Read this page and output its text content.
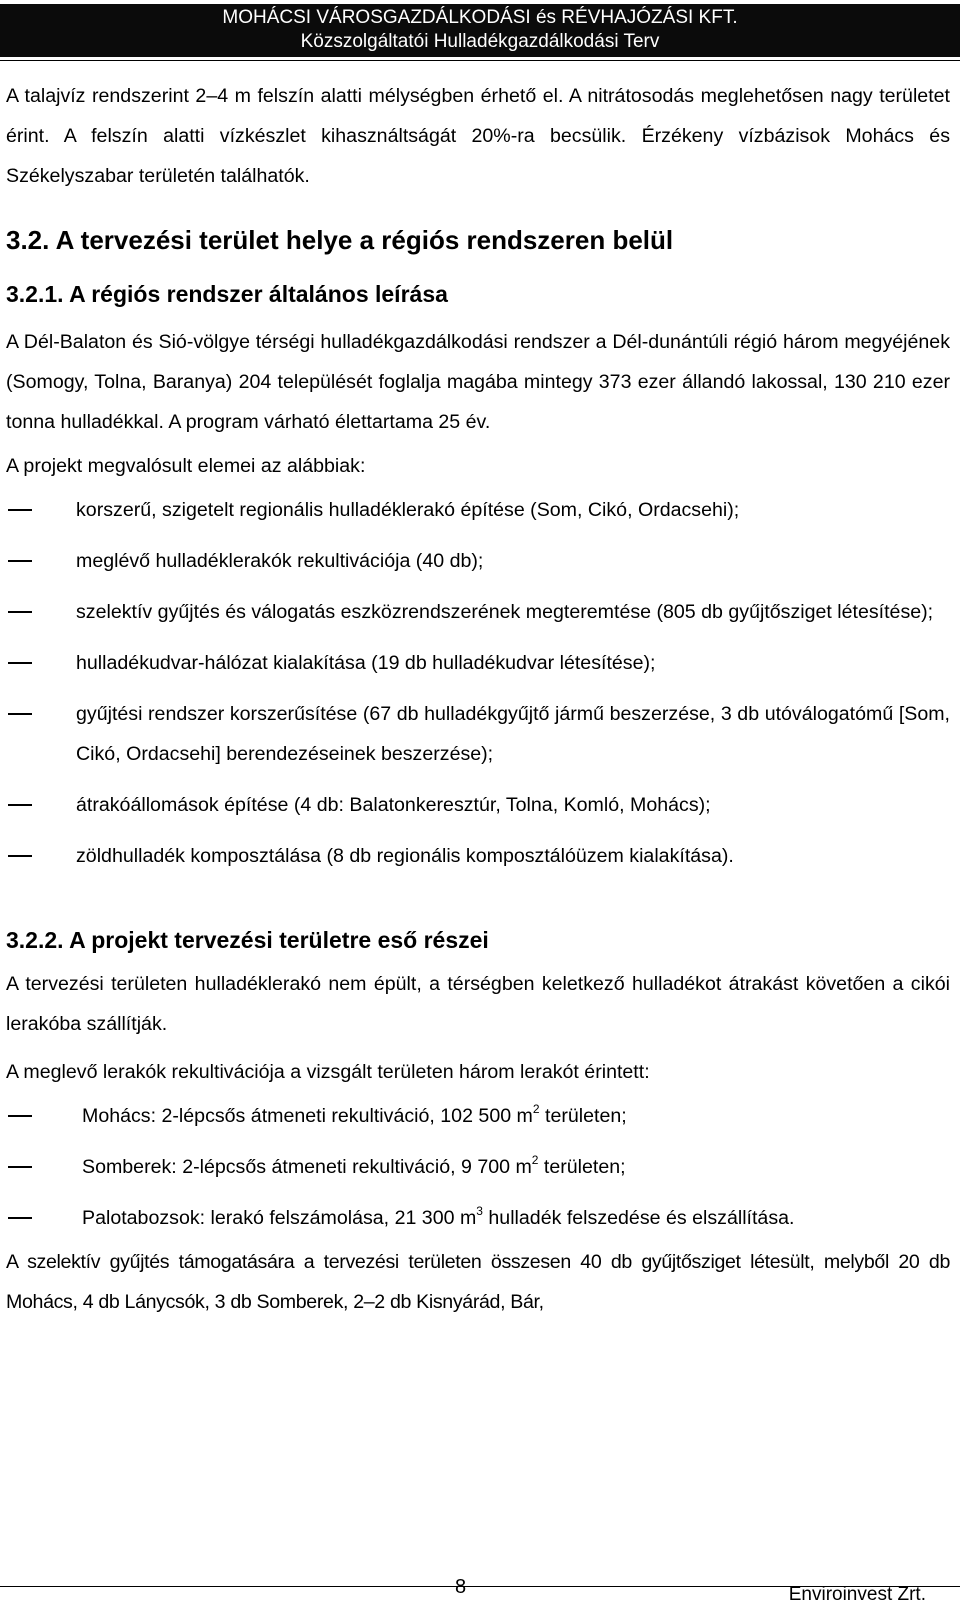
MOHÁCSI VÁROSGAZDÁLKODÁSI és RÉVHAJÓZÁSI KFT.
Közszolgáltatói Hulladékgazdálkodási Terv

A talajvíz rendszerint 2–4 m felszín alatti mélységben érhető el. A nitrátosodás meglehetősen nagy területet érint. A felszín alatti vízkészlet kihasználtságát 20%-ra becsülik. Érzékeny vízbázisok Mohács és Székelyszabar területén találhatók.

3.2. A tervezési terület helye a régiós rendszeren belül
3.2.1. A régiós rendszer általános leírása

A Dél-Balaton és Sió-völgye térségi hulladékgazdálkodási rendszer a Dél-dunántúli régió három megyéjének (Somogy, Tolna, Baranya) 204 települését foglalja magába mintegy 373 ezer állandó lakossal, 130 210 ezer tonna hulladékkal. A program várható élettartama 25 év.

A projekt megvalósult elemei az alábbiak:

korszerű, szigetelt regionális hulladéklerakó építése (Som, Cikó, Ordacsehi);
meglévő hulladéklerakók rekultivációja (40 db);
szelektív gyűjtés és válogatás eszközrendszerének megteremtése (805 db gyűjtősziget létesítése);
hulladékudvar-hálózat kialakítása (19 db hulladékudvar létesítése);
gyűjtési rendszer korszerűsítése (67 db hulladékgyűjtő jármű beszerzése, 3 db utóválogatómű [Som, Cikó, Ordacsehi] berendezéseinek beszerzése);
átrakóállomások építése (4 db: Balatonkeresztúr, Tolna, Komló, Mohács);
zöldhulladék komposztálása (8 db regionális komposztálóüzem kialakítása).
3.2.2. A projekt tervezési területre eső részei

A tervezési területen hulladéklerakó nem épült, a térségben keletkező hulladékot átrakást követően a cikói lerakóba szállítják.

A meglevő lerakók rekultivációja a vizsgált területen három lerakót érintett:

Mohács: 2-lépcsős átmeneti rekultiváció, 102 500 $m^2$ területen;
Somberek: 2-lépcsős átmeneti rekultiváció, 9 700 $m^2$ területen;
Palotabozsok: lerakó felszámolása, 21 300 $m^3$ hulladék felszedése és elszállítása.

A szelektív gyűjtés támogatására a tervezési területen összesen 40 db gyűjtősziget létesült, melyből 20 db Mohács, 4 db Lánycsók, 3 db Somberek, 2–2 db Kisnyárád, Bár,

8	Enviroinvest Zrt.
